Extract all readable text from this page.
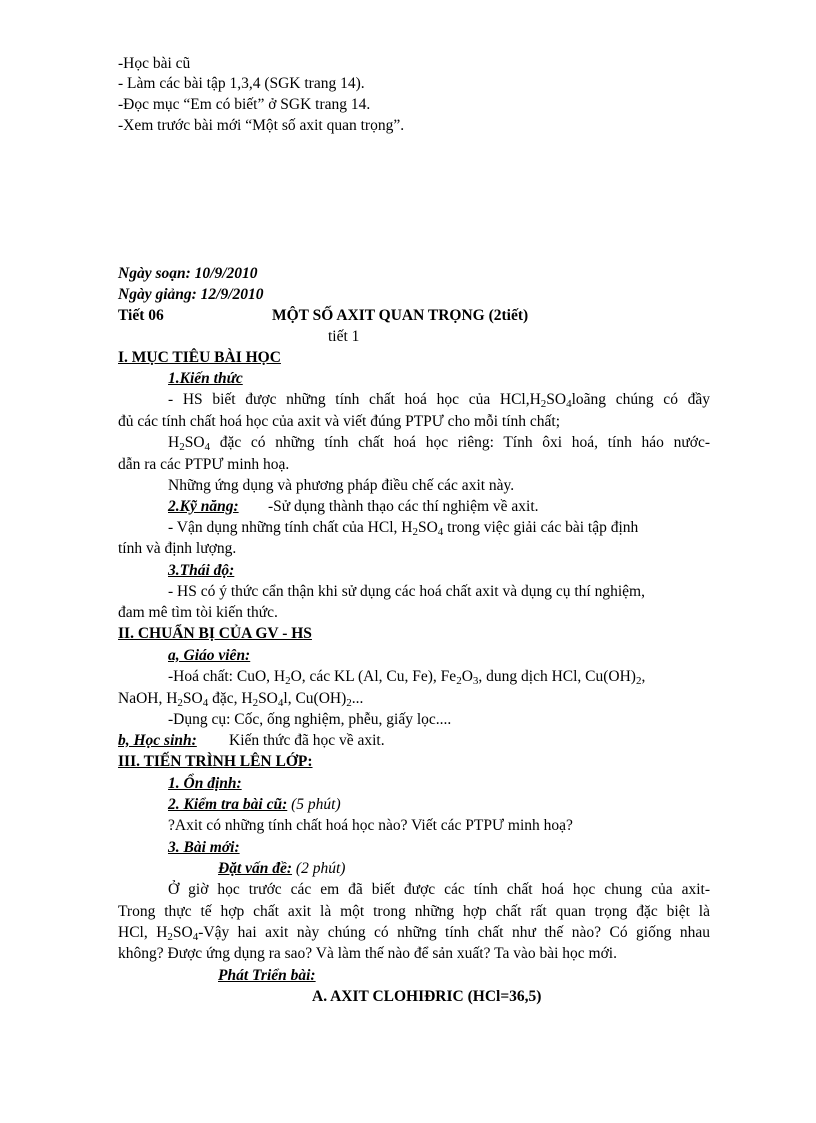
-Học bài cũ
- Làm các bài tập 1,3,4 (SGK trang 14).
-Đọc mục “Em có biết” ở SGK trang 14.
-Xem trước bài mới “Một số axit quan trọng”.
Ngày soạn: 10/9/2010
Ngày giảng: 12/9/2010
Tiết 06	MỘT SỐ AXIT QUAN TRỌNG (2tiết)
tiết 1
I. MỤC TIÊU BÀI HỌC
1.Kiến thức
- HS biết được những tính chất hoá học của $HCl,H_2SO_4loãng$ chúng có đầy
đủ các tính chất hoá học của axit và viết đúng PTPƯ cho mỗi tính chất;
$H_2SO_4$ đặc có những tính chất hoá học riêng: Tính ôxi hoá, tính háo nước-
dẫn ra các PTPƯ minh hoạ.
Những ứng dụng và phương pháp điều chế các axit này.
2.Kỹ năng: -Sử dụng thành thạo các thí nghiệm về axit.
- Vận dụng những tính chất của HCl, $H_2SO_4$ trong việc giải các bài tập định
tính và định lượng.
3.Thái độ:
- HS có ý thức cẩn thận khi sử dụng các hoá chất axit và dụng cụ thí nghiệm,
đam mê tìm tòi kiến thức.
II. CHUẨN BỊ CỦA GV - HS
a, Giáo viên:
-Hoá chất: CuO, $H_2O$, các KL (Al, Cu, Fe), $Fe_2O_3$, dung dịch HCl, $Cu(OH)_2$,
NaOH, $H_2SO_4$ đặc, $H_2SO_4l$, $Cu(OH)_2$...
-Dụng cụ: Cốc, ống nghiệm, phễu, giấy lọc....
b, Học sinh: Kiến thức đã học về axit.
III. TIẾN TRÌNH LÊN LỚP:
1. Ổn định:
2. Kiểm tra bài cũ: (5 phút)
?Axit có những tính chất hoá học nào? Viết các PTPƯ minh hoạ?
3. Bài mới:
Đặt vấn đề: (2 phút)
Ở giờ học trước các em đã biết được các tính chất hoá học chung của axit-
Trong thực tế hợp chất axit là một trong những hợp chất rất quan trọng đặc biệt là
HCl, $H_2SO_4$-Vậy hai axit này chúng có những tính chất như thế nào? Có giống nhau
không? Được ứng dụng ra sao? Và làm thế nào để sản xuất? Ta vào bài học mới.
Phát Triển bài:
A. AXIT CLOHIĐRIC (HCl=36,5)
